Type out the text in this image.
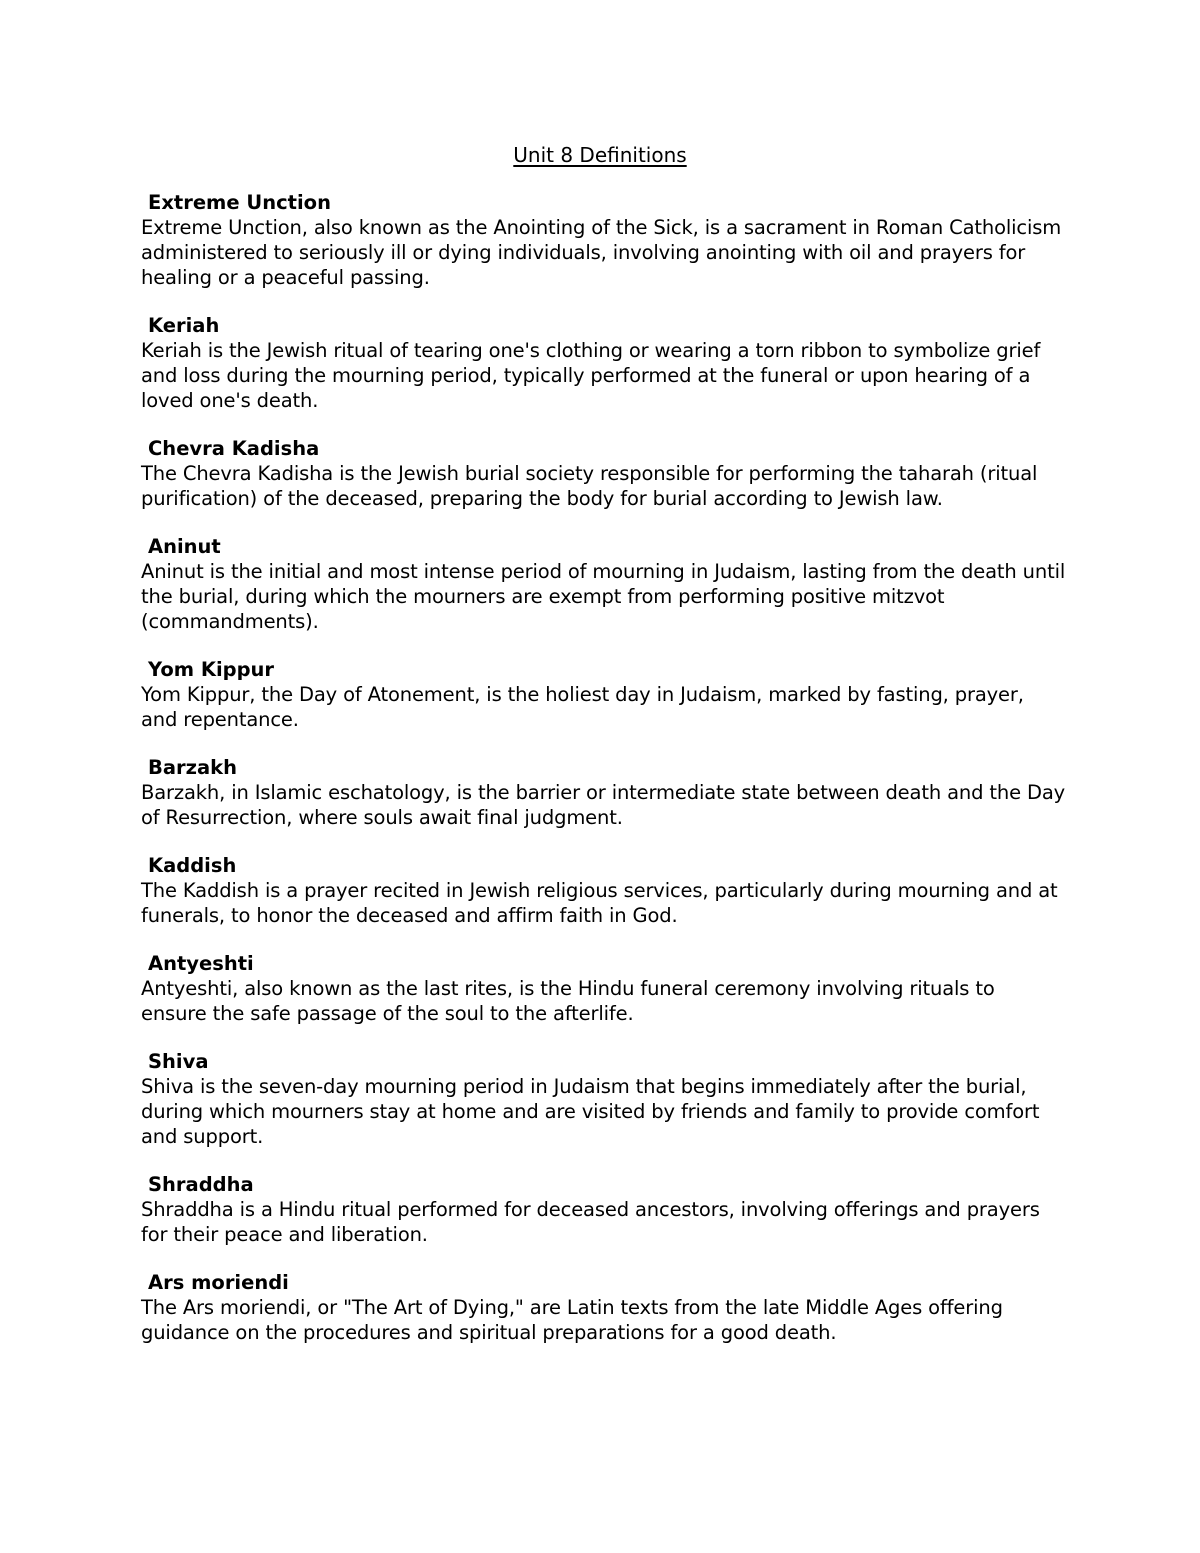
Unit 8 Definitions

Extreme Unction

Extreme Unction, also known as the Anointing of the Sick, is a sacrament in Roman Catholicism administered to seriously ill or dying individuals, involving anointing with oil and prayers for healing or a peaceful passing.

Keriah

Keriah is the Jewish ritual of tearing one's clothing or wearing a torn ribbon to symbolize grief and loss during the mourning period, typically performed at the funeral or upon hearing of a loved one's death.

Chevra Kadisha

The Chevra Kadisha is the Jewish burial society responsible for performing the taharah (ritual purification) of the deceased, preparing the body for burial according to Jewish law.

Aninut

Aninut is the initial and most intense period of mourning in Judaism, lasting from the death until the burial, during which the mourners are exempt from performing positive mitzvot (commandments).

Yom Kippur

Yom Kippur, the Day of Atonement, is the holiest day in Judaism, marked by fasting, prayer, and repentance.

Barzakh

Barzakh, in Islamic eschatology, is the barrier or intermediate state between death and the Day of Resurrection, where souls await final judgment.

Kaddish

The Kaddish is a prayer recited in Jewish religious services, particularly during mourning and at funerals, to honor the deceased and affirm faith in God.

Antyeshti

Antyeshti, also known as the last rites, is the Hindu funeral ceremony involving rituals to ensure the safe passage of the soul to the afterlife.

Shiva

Shiva is the seven-day mourning period in Judaism that begins immediately after the burial, during which mourners stay at home and are visited by friends and family to provide comfort and support.

Shraddha

Shraddha is a Hindu ritual performed for deceased ancestors, involving offerings and prayers for their peace and liberation.

Ars moriendi

The Ars moriendi, or "The Art of Dying," are Latin texts from the late Middle Ages offering guidance on the procedures and spiritual preparations for a good death.
